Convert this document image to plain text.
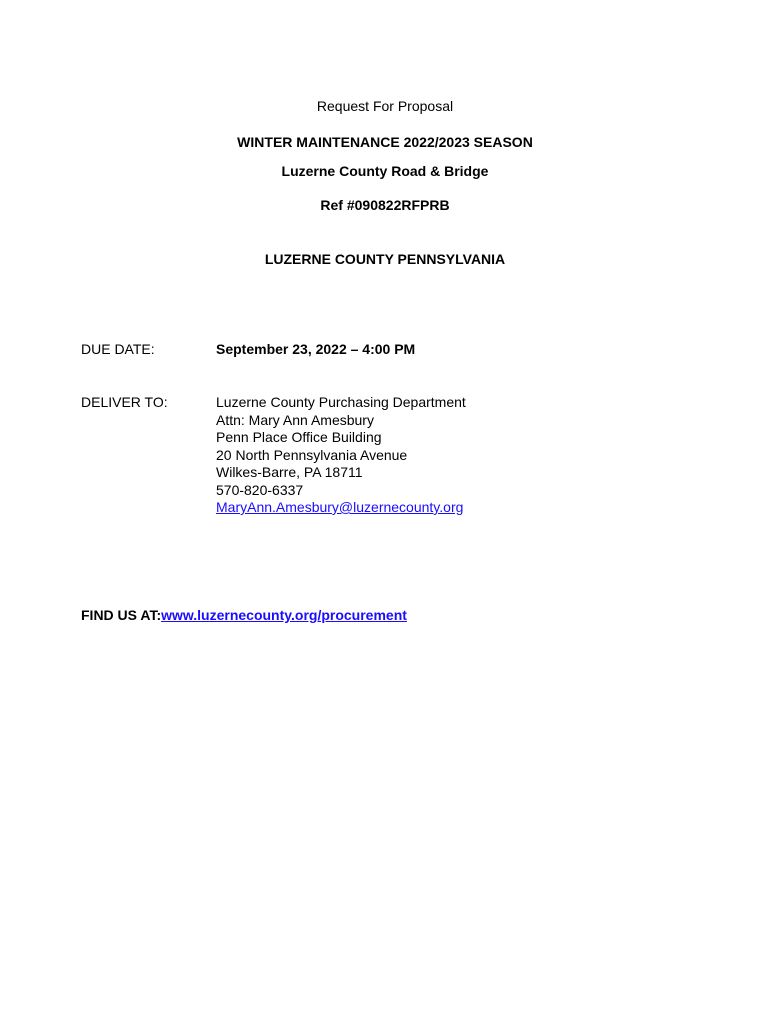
Request For Proposal
WINTER MAINTENANCE 2022/2023 SEASON
Luzerne County Road & Bridge
Ref #090822RFPRB
LUZERNE COUNTY PENNSYLVANIA
DUE DATE:	September 23, 2022 – 4:00 PM
DELIVER TO:	Luzerne County Purchasing Department
Attn: Mary Ann Amesbury
Penn Place Office Building
20 North Pennsylvania Avenue
Wilkes-Barre, PA 18711
570-820-6337
MaryAnn.Amesbury@luzernecounty.org
FIND US AT:www.luzernecounty.org/procurement
